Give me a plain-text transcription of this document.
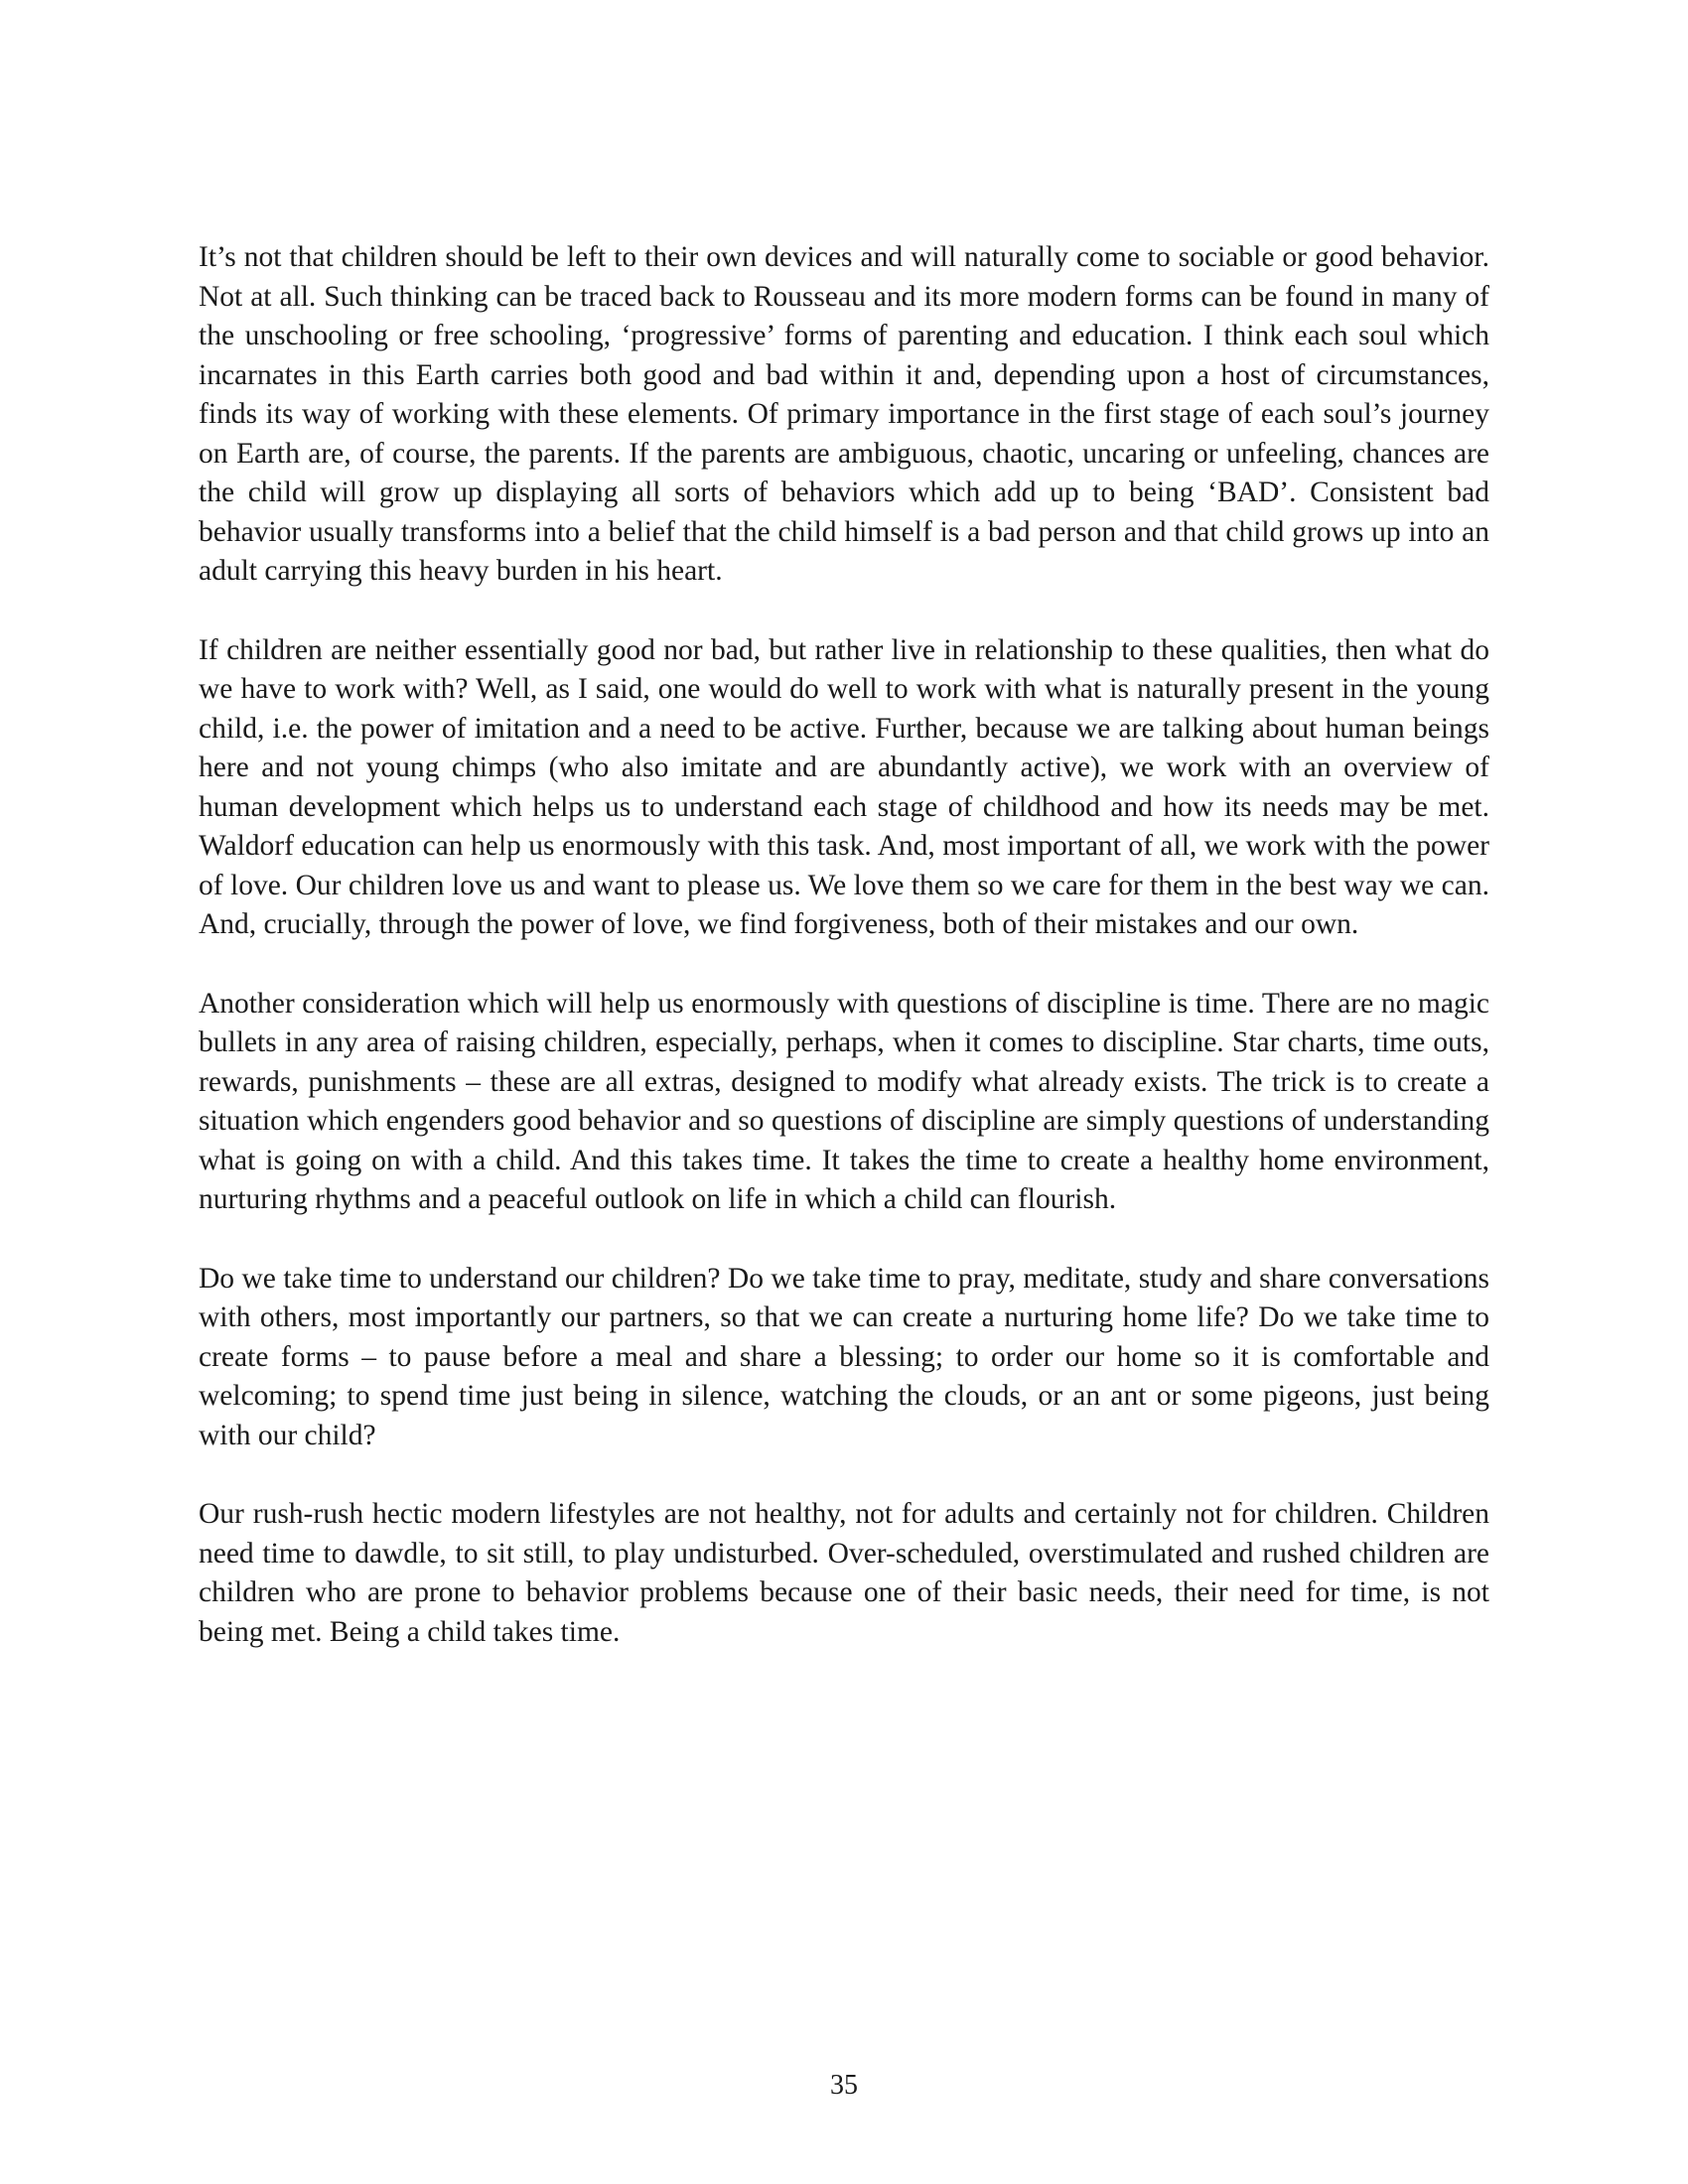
It’s not that children should be left to their own devices and will naturally come to sociable or good behavior. Not at all. Such thinking can be traced back to Rousseau and its more modern forms can be found in many of the unschooling or free schooling, ‘progressive’ forms of parenting and education. I think each soul which incarnates in this Earth carries both good and bad within it and, depending upon a host of circumstances, finds its way of working with these elements. Of primary importance in the first stage of each soul’s journey on Earth are, of course, the parents. If the parents are ambiguous, chaotic, uncaring or unfeeling, chances are the child will grow up displaying all sorts of behaviors which add up to being ‘BAD’. Consistent bad behavior usually transforms into a belief that the child himself is a bad person and that child grows up into an adult carrying this heavy burden in his heart.

If children are neither essentially good nor bad, but rather live in relationship to these qualities, then what do we have to work with? Well, as I said, one would do well to work with what is naturally present in the young child, i.e. the power of imitation and a need to be active. Further, because we are talking about human beings here and not young chimps (who also imitate and are abundantly active), we work with an overview of human development which helps us to understand each stage of childhood and how its needs may be met. Waldorf education can help us enormously with this task. And, most important of all, we work with the power of love. Our children love us and want to please us. We love them so we care for them in the best way we can. And, crucially, through the power of love, we find forgiveness, both of their mistakes and our own.

Another consideration which will help us enormously with questions of discipline is time. There are no magic bullets in any area of raising children, especially, perhaps, when it comes to discipline. Star charts, time outs, rewards, punishments – these are all extras, designed to modify what already exists. The trick is to create a situation which engenders good behavior and so questions of discipline are simply questions of understanding what is going on with a child. And this takes time. It takes the time to create a healthy home environment, nurturing rhythms and a peaceful outlook on life in which a child can flourish.

Do we take time to understand our children? Do we take time to pray, meditate, study and share conversations with others, most importantly our partners, so that we can create a nurturing home life? Do we take time to create forms – to pause before a meal and share a blessing; to order our home so it is comfortable and welcoming; to spend time just being in silence, watching the clouds, or an ant or some pigeons, just being with our child?

Our rush-rush hectic modern lifestyles are not healthy, not for adults and certainly not for children. Children need time to dawdle, to sit still, to play undisturbed. Over-scheduled, overstimulated and rushed children are children who are prone to behavior problems because one of their basic needs, their need for time, is not being met. Being a child takes time.

35
